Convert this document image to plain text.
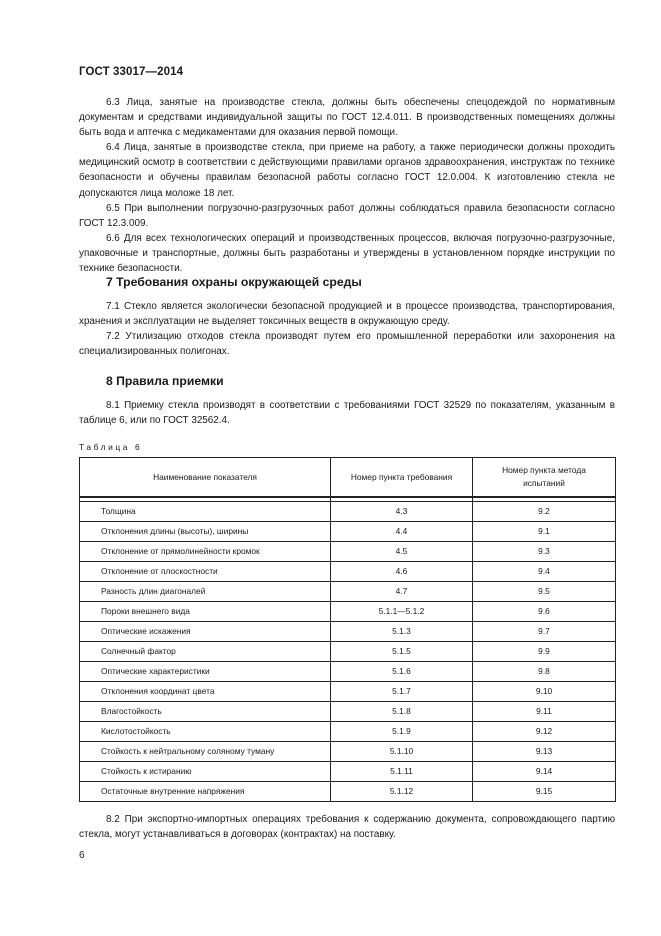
ГОСТ 33017—2014

6.3 Лица, занятые на производстве стекла, должны быть обеспечены спецодеждой по нормативным документам и средствами индивидуальной защиты по ГОСТ 12.4.011. В производственных помещениях должны быть вода и аптечка с медикаментами для оказания первой помощи.

6.4 Лица, занятые в производстве стекла, при приеме на работу, а также периодически должны проходить медицинский осмотр в соответствии с действующими правилами органов здравоохранения, инструктаж по технике безопасности и обучены правилам безопасной работы согласно ГОСТ 12.0.004. К изготовлению стекла не допускаются лица моложе 18 лет.

6.5 При выполнении погрузочно-разгрузочных работ должны соблюдаться правила безопасности согласно ГОСТ 12.3.009.

6.6 Для всех технологических операций и производственных процессов, включая погрузочно-разгрузочные, упаковочные и транспортные, должны быть разработаны и утверждены в установленном порядке инструкции по технике безопасности.

7 Требования охраны окружающей среды

7.1 Стекло является экологически безопасной продукцией и в процессе производства, транспортирования, хранения и эксплуатации не выделяет токсичных веществ в окружающую среду.

7.2 Утилизацию отходов стекла производят путем его промышленной переработки или захоронения на специализированных полигонах.

8 Правила приемки

8.1 Приемку стекла производят в соответствии с требованиями ГОСТ 32529 по показателям, указанным в таблице 6, или по ГОСТ 32562.4.

Таблица 6
Наименование показателя	Номер пункта требования	Номер пункта метода испытаний

Толщина	4.3	9.2
Отклонения длины (высоты), ширины	4.4	9.1
Отклонение от прямолинейности кромок	4.5	9.3
Отклонение от плоскостности	4.6	9.4
Разность длин диагоналей	4.7	9.5
Пороки внешнего вида	5.1.1—5.1.2	9.6
Оптические искажения	5.1.3	9.7
Солнечный фактор	5.1.5	9.9
Оптические характеристики	5.1.6	9.8
Отклонения координат цвета	5.1.7	9.10
Влагостойкость	5.1.8	9.11
Кислотостойкость	5.1.9	9.12
Стойкость к нейтральному соляному туману	5.1.10	9.13
Стойкость к истиранию	5.1.11	9.14
Остаточные внутренние напряжения	5.1.12	9.15

8.2 При экспортно-импортных операциях требования к содержанию документа, сопровождающего партию стекла, могут устанавливаться в договорах (контрактах) на поставку.

6
